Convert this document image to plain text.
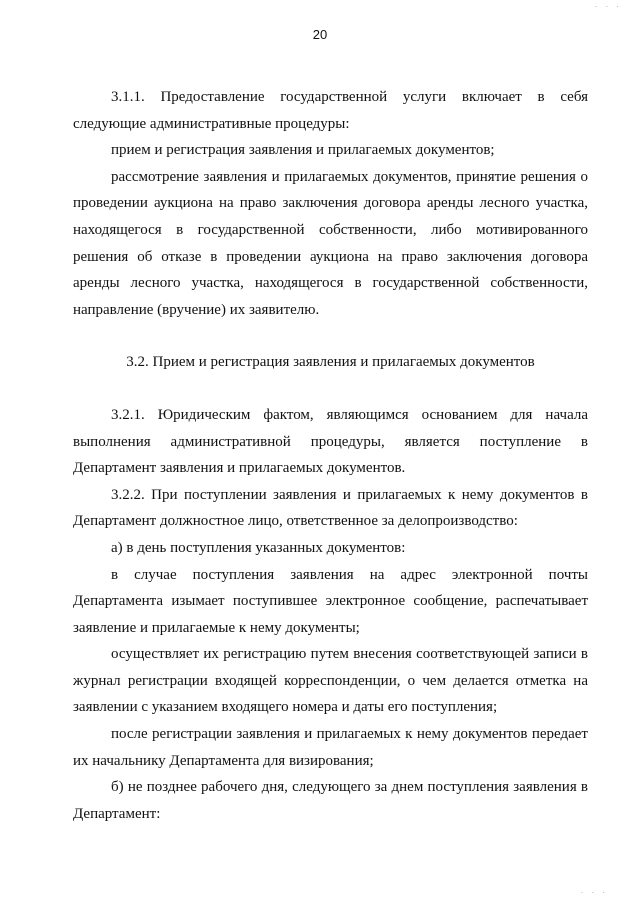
· · ·
20

3.1.1. Предоставление государственной услуги включает в себя следующие административные процедуры:

прием и регистрация заявления и прилагаемых документов;

рассмотрение заявления и прилагаемых документов, принятие решения о проведении аукциона на право заключения договора аренды лесного участка, находящегося в государственной собственности, либо мотивированного решения об отказе в проведении аукциона на право заключения договора аренды лесного участка, находящегося в государственной собственности, направление (вручение) их заявителю.

3.2. Прием и регистрация заявления и прилагаемых документов

3.2.1. Юридическим фактом, являющимся основанием для начала выполнения административной процедуры, является поступление в Департамент заявления и прилагаемых документов.

3.2.2. При поступлении заявления и прилагаемых к нему документов в Департамент должностное лицо, ответственное за делопроизводство:

а) в день поступления указанных документов:

в случае поступления заявления на адрес электронной почты Департамента изымает поступившее электронное сообщение, распечатывает заявление и прилагаемые к нему документы;

осуществляет их регистрацию путем внесения соответствующей записи в журнал регистрации входящей корреспонденции, о чем делается отметка на заявлении с указанием входящего номера и даты его поступления;

после регистрации заявления и прилагаемых к нему документов передает их начальнику Департамента для визирования;

б) не позднее рабочего дня, следующего за днем поступления заявления в Департамент:

· · ·
